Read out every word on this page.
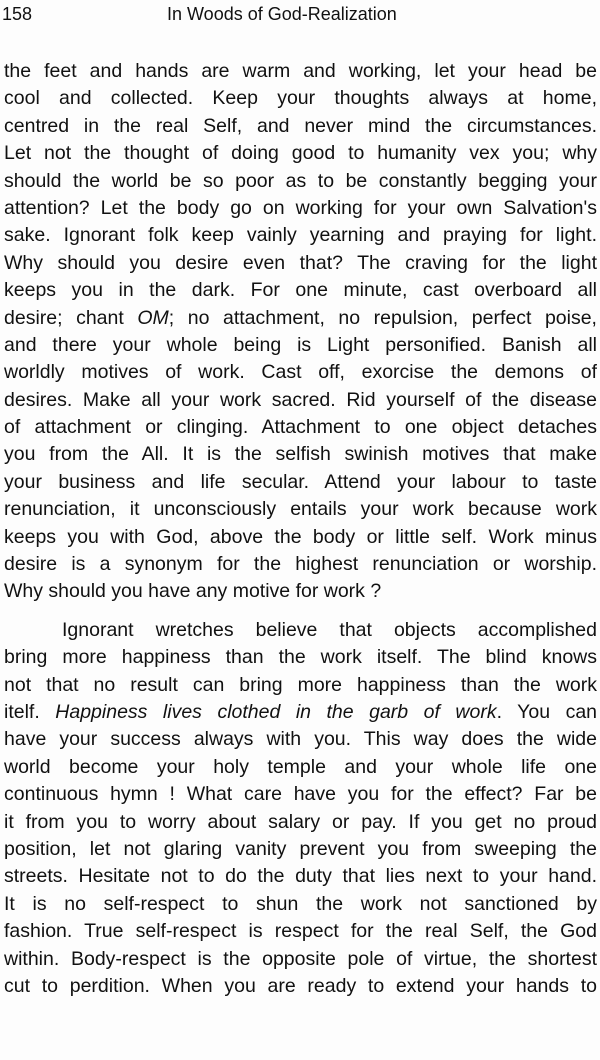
158	In Woods of God-Realization
the feet and hands are warm and working, let your head be
cool and collected. Keep your thoughts always at home,
centred in the real Self, and never mind the circumstances.
Let not the thought of doing good to humanity vex you; why
should the world be so poor as to be constantly begging your
attention? Let the body go on working for your own Salvation's
sake. Ignorant folk keep vainly yearning and praying for light.
Why should you desire even that? The craving for the light
keeps you in the dark. For one minute, cast overboard all
desire; chant OM; no attachment, no repulsion, perfect poise,
and there your whole being is Light personified. Banish all
worldly motives of work. Cast off, exorcise the demons of
desires. Make all your work sacred. Rid yourself of the disease
of attachment or clinging. Attachment to one object detaches
you from the All. It is the selfish swinish motives that make
your business and life secular. Attend your labour to taste
renunciation, it unconsciously entails your work because work
keeps you with God, above the body or little self. Work minus
desire is a synonym for the highest renunciation or worship.
Why should you have any motive for work ?
Ignorant wretches believe that objects accomplished
bring more happiness than the work itself. The blind knows
not that no result can bring more happiness than the work
itelf. Happiness lives clothed in the garb of work. You can
have your success always with you. This way does the wide
world become your holy temple and your whole life one
continuous hymn ! What care have you for the effect? Far be
it from you to worry about salary or pay. If you get no proud
position, let not glaring vanity prevent you from sweeping the
streets. Hesitate not to do the duty that lies next to your hand.
It is no self-respect to shun the work not sanctioned by
fashion. True self-respect is respect for the real Self, the God
within. Body-respect is the opposite pole of virtue, the shortest
cut to perdition. When you are ready to extend your hands to
